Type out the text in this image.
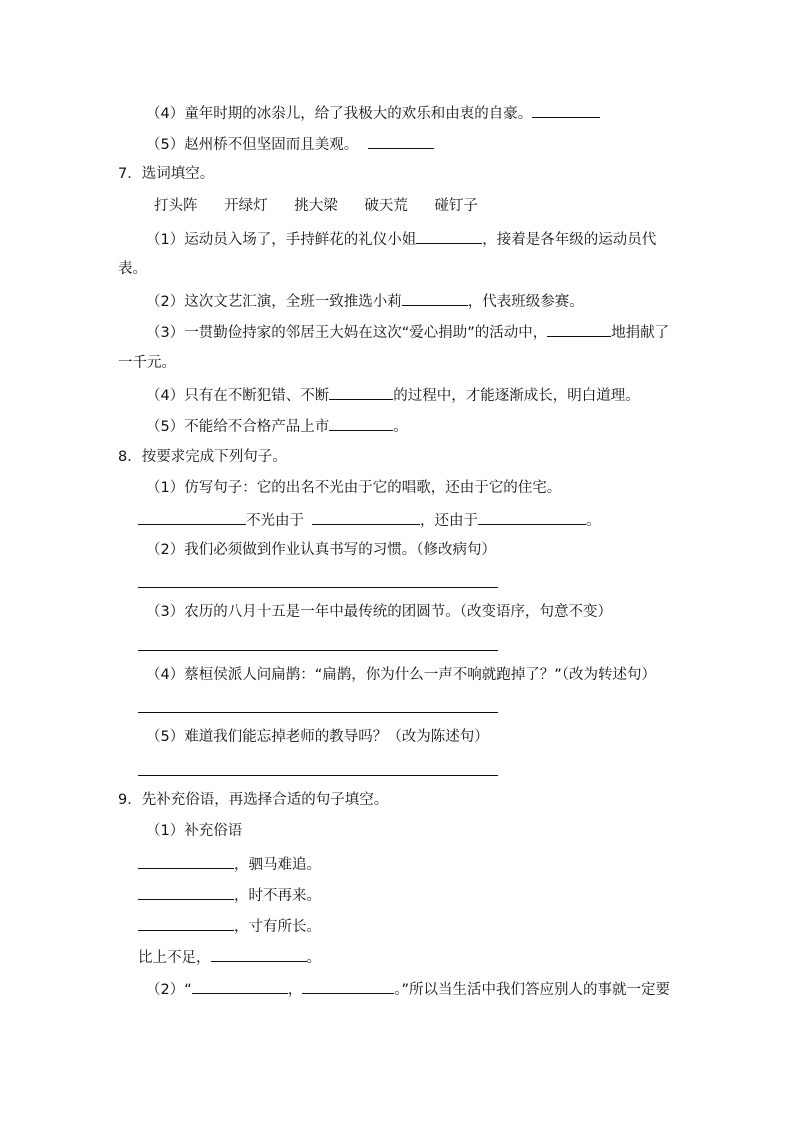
（4）童年时期的冰尜儿，给了我极大的欢乐和由衷的自豪。
（5）赵州桥不但坚固而且美观。
7．选词填空。
打头阵 开绿灯 挑大梁 破天荒 碰钉子
（1）运动员入场了，手持鲜花的礼仪小姐	，接着是各年级的运动员代
表。
（2）这次文艺汇演，全班一致推选小莉	，代表班级参赛。
（3）一贯勤俭持家的邻居王大妈在这次“爱心捐助”的活动中，	地捐献了
一千元。
（4）只有在不断犯错、不断	的过程中，才能逐渐成长，明白道理。
（5）不能给不合格产品上市	。
8．按要求完成下列句子。
（1）仿写句子：它的出名不光由于它的唱歌，还由于它的住宅。
不光由于	，还由于	。
（2）我们必须做到作业认真书写的习惯。（修改病句）
（3）农历的八月十五是一年中最传统的团圆节。（改变语序，句意不变）
（4）蔡桓侯派人问扁鹊：“扁鹊，你为什么一声不响就跑掉了？”（改为转述句）
（5）难道我们能忘掉老师的教导吗？（改为陈述句）
9．先补充俗语，再选择合适的句子填空。
（1）补充俗语
，驷马难追。
，时不再来。
，寸有所长。
比上不足，	。
（2）“	，	。”所以当生活中我们答应别人的事就一定要
